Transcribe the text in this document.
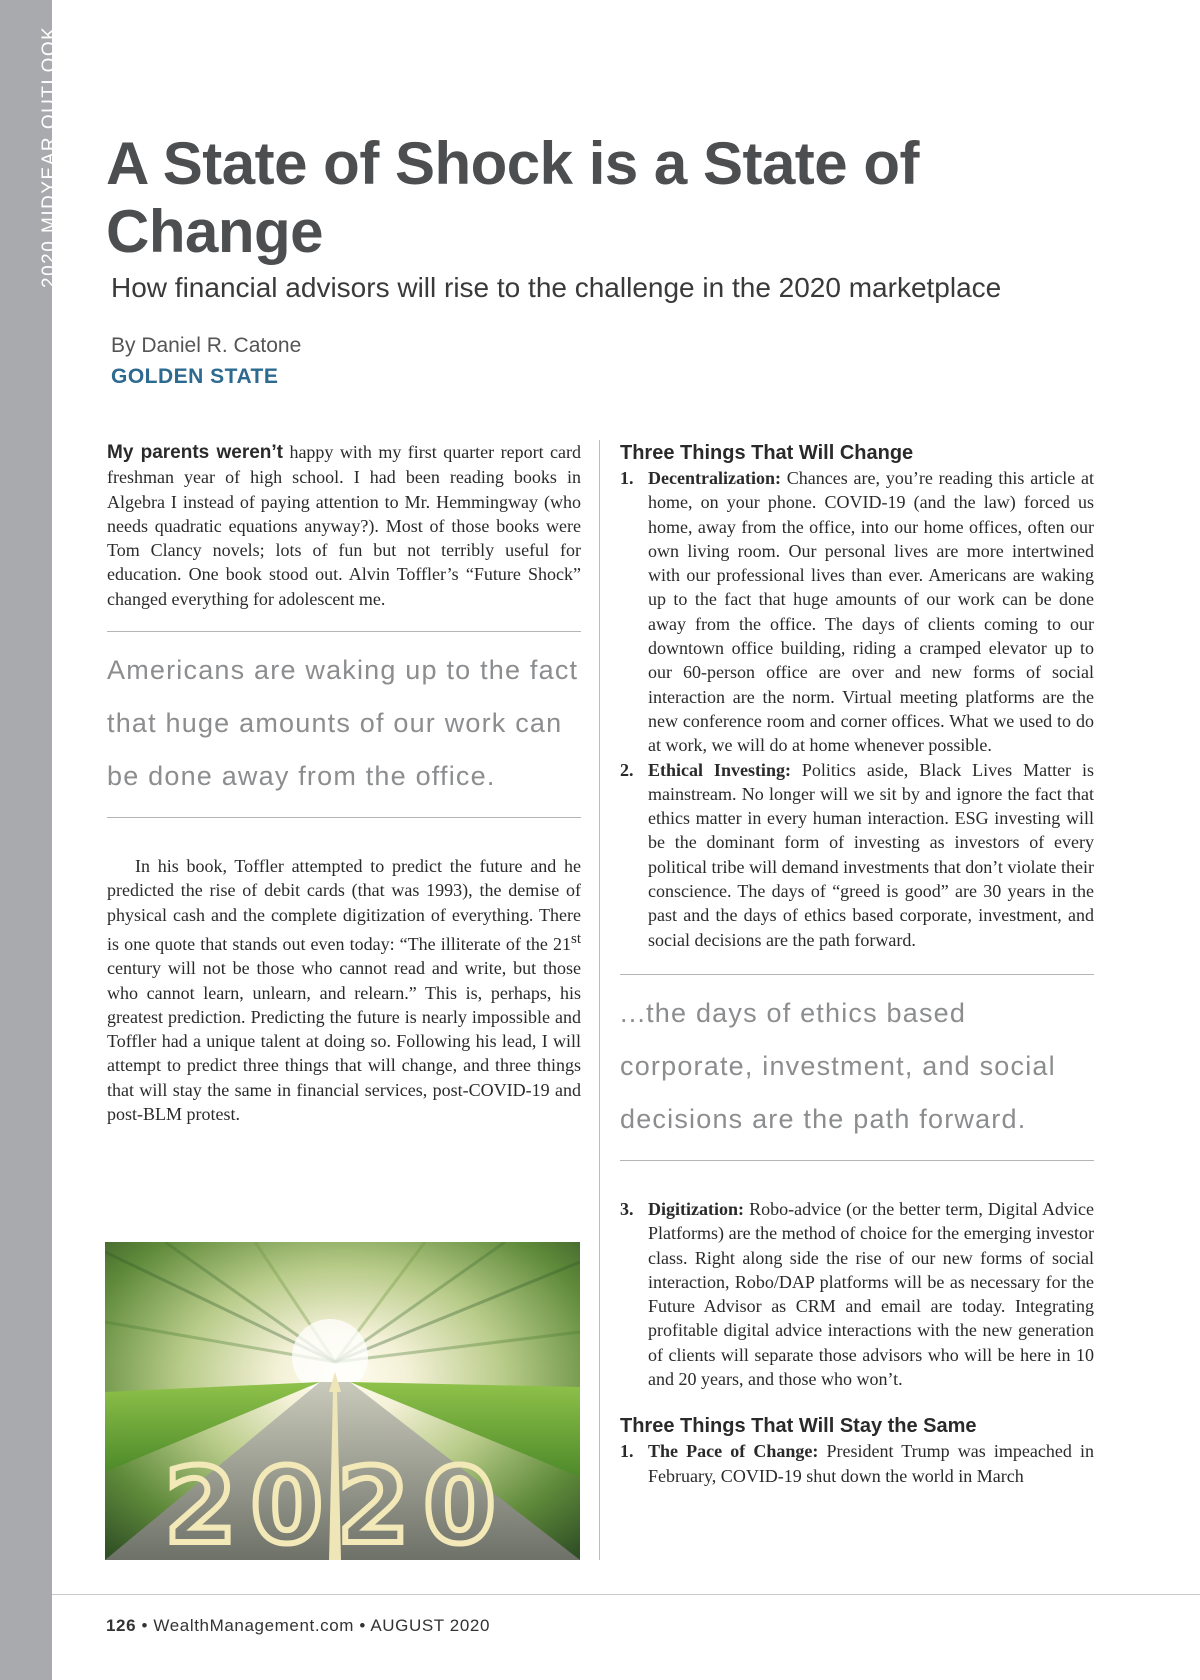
2020 MIDYEAR OUTLOOK A State of Shock is a State of Change

How financial advisors will rise to the challenge in the 2020 marketplace

By Daniel R. Catone
GOLDEN STATE

My parents weren’t happy with my first quarter report card freshman year of high school. I had been reading books in Algebra I instead of paying attention to Mr. Hemmingway (who needs quadratic equations anyway?). Most of those books were Tom Clancy novels; lots of fun but not terribly useful for education. One book stood out. Alvin Toffler’s “Future Shock” changed everything for adolescent me.

Americans are waking up to the fact that huge amounts of our work can be done away from the office.

In his book, Toffler attempted to predict the future and he predicted the rise of debit cards (that was 1993), the demise of physical cash and the complete digitization of everything. There is one quote that stands out even today: “The illiterate of the 21st century will not be those who cannot read and write, but those who cannot learn, unlearn, and relearn.” This is, perhaps, his greatest prediction. Predicting the future is nearly impossible and Toffler had a unique talent at doing so. Following his lead, I will attempt to predict three things that will change, and three things that will stay the same in financial services, post-COVID-19 and post-BLM protest.

2020
Three Things That Will Change

1. Decentralization: Chances are, you’re reading this article at home, on your phone. COVID-19 (and the law) forced us home, away from the office, into our home offices, often our own living room. Our personal lives are more intertwined with our professional lives than ever. Americans are waking up to the fact that huge amounts of our work can be done away from the office. The days of clients coming to our downtown office building, riding a cramped elevator up to our 60-person office are over and new forms of social interaction are the norm. Virtual meeting platforms are the new conference room and corner offices. What we used to do at work, we will do at home whenever possible.

2. Ethical Investing: Politics aside, Black Lives Matter is mainstream. No longer will we sit by and ignore the fact that ethics matter in every human interaction. ESG investing will be the dominant form of investing as investors of every political tribe will demand investments that don’t violate their conscience. The days of “greed is good” are 30 years in the past and the days of ethics based corporate, investment, and social decisions are the path forward.

...the days of ethics based corporate, investment, and social decisions are the path forward.

3. Digitization: Robo-advice (or the better term, Digital Advice Platforms) are the method of choice for the emerging investor class. Right along side the rise of our new forms of social interaction, Robo/DAP platforms will be as necessary for the Future Advisor as CRM and email are today. Integrating profitable digital advice interactions with the new generation of clients will separate those advisors who will be here in 10 and 20 years, and those who won’t.

Three Things That Will Stay the Same

1. The Pace of Change: President Trump was impeached in February, COVID-19 shut down the world in March

126 • WealthManagement.com • AUGUST 2020
